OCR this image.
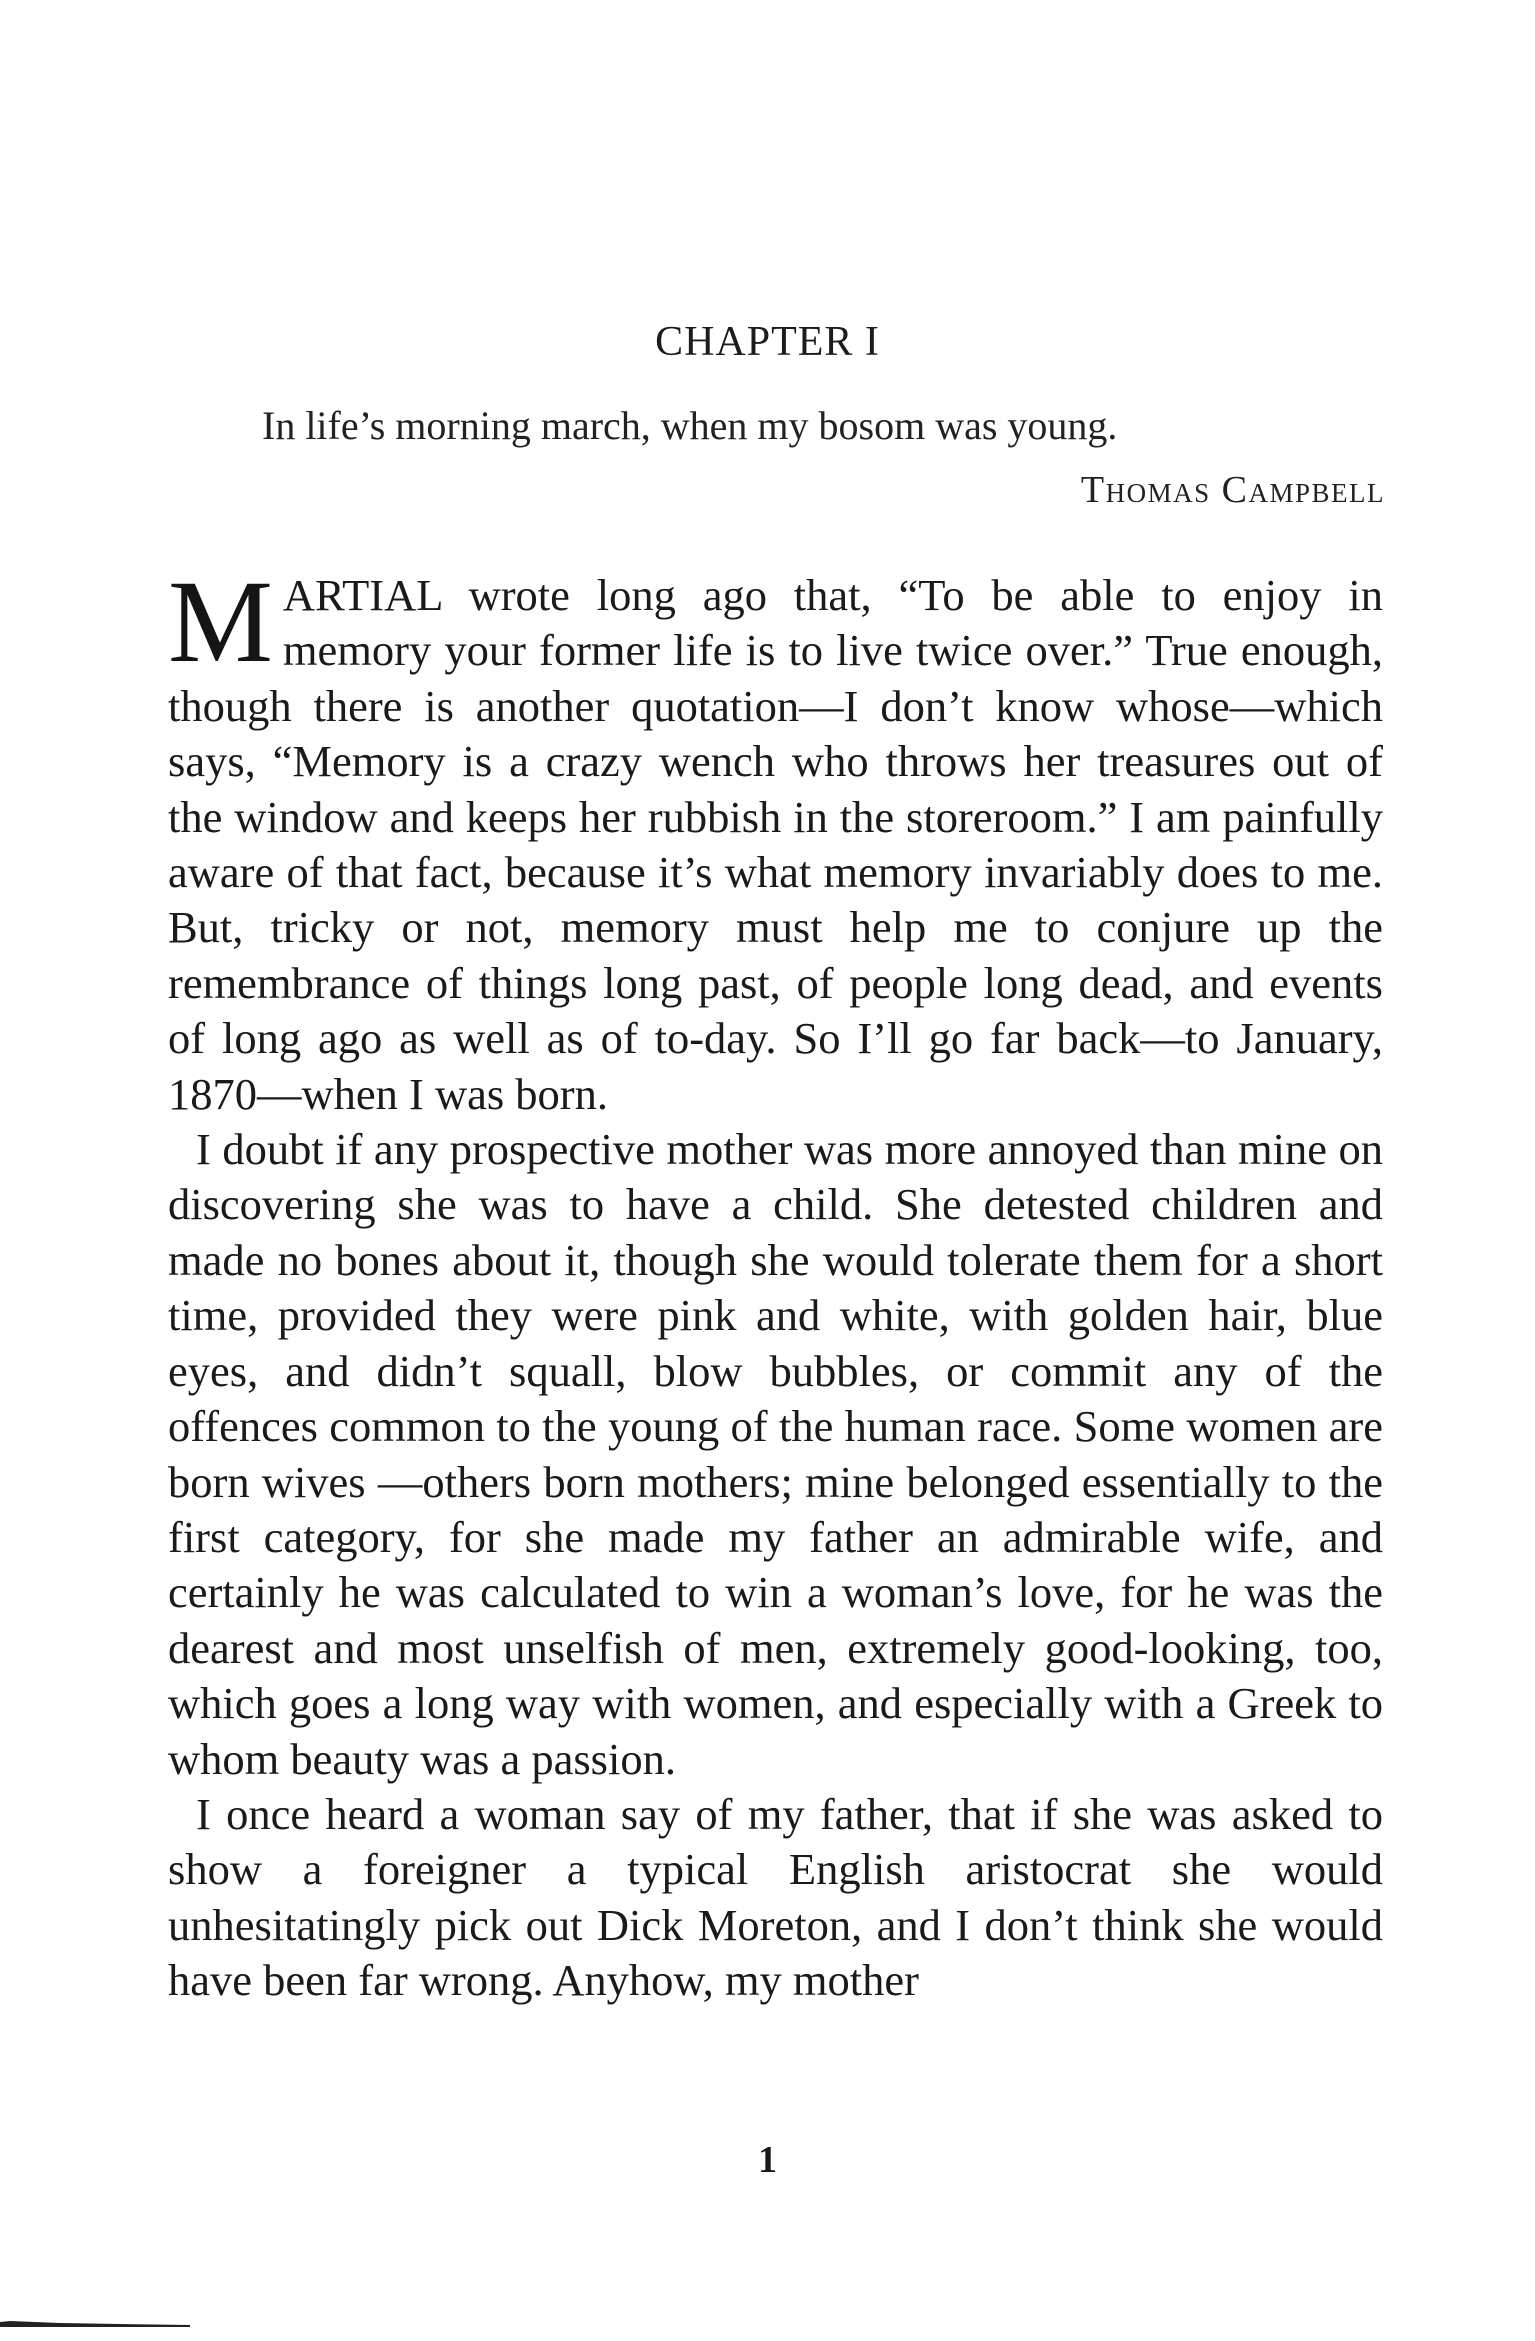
CHAPTER I
In life’s morning march, when my bosom was young.
Thomas Campbell

MARTIAL wrote long ago that, “To be able to enjoy in memory your former life is to live twice over.” True enough, though there is another quotation—I don’t know whose—which says, “Memory is a crazy wench who throws her treasures out of the window and keeps her rubbish in the storeroom.” I am painfully aware of that fact, because it’s what memory invariably does to me. But, tricky or not, memory must help me to conjure up the remembrance of things long past, of people long dead, and events of long ago as well as of to-day. So I’ll go far back—to January, 1870—when I was born.

I doubt if any prospective mother was more annoyed than mine on discovering she was to have a child. She detested children and made no bones about it, though she would tolerate them for a short time, provided they were pink and white, with golden hair, blue eyes, and didn’t squall, blow bubbles, or commit any of the offences common to the young of the human race. Some women are born wives —others born mothers; mine belonged essentially to the first category, for she made my father an admirable wife, and certainly he was calculated to win a woman’s love, for he was the dearest and most unselfish of men, extremely good-looking, too, which goes a long way with women, and especially with a Greek to whom beauty was a passion.

I once heard a woman say of my father, that if she was asked to show a foreigner a typical English aristocrat she would unhesitatingly pick out Dick Moreton, and I don’t think she would have been far wrong. Anyhow, my mother

1
